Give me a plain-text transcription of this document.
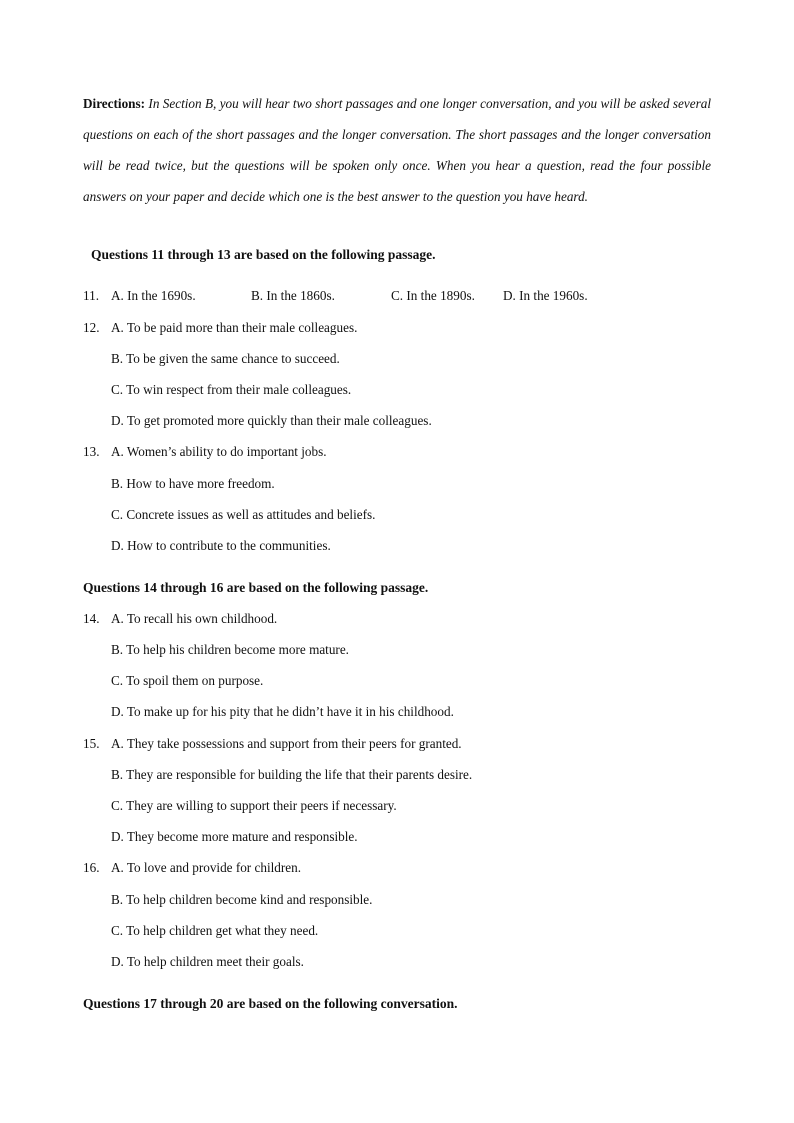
Directions: In Section B, you will hear two short passages and one longer conversation, and you will be asked several questions on each of the short passages and the longer conversation. The short passages and the longer conversation will be read twice, but the questions will be spoken only once. When you hear a question, read the four possible answers on your paper and decide which one is the best answer to the question you have heard.
Questions 11 through 13 are based on the following passage.
11. A. In the 1690s.	B. In the 1860s.	C. In the 1890s. D. In the 1960s.
12. A. To be paid more than their male colleagues.
B. To be given the same chance to succeed.
C. To win respect from their male colleagues.
D. To get promoted more quickly than their male colleagues.
13. A. Women’s ability to do important jobs.
B. How to have more freedom.
C. Concrete issues as well as attitudes and beliefs.
D. How to contribute to the communities.
Questions 14 through 16 are based on the following passage.
14. A. To recall his own childhood.
B. To help his children become more mature.
C. To spoil them on purpose.
D. To make up for his pity that he didn’t have it in his childhood.
15. A. They take possessions and support from their peers for granted.
B. They are responsible for building the life that their parents desire.
C. They are willing to support their peers if necessary.
D. They become more mature and responsible.
16. A. To love and provide for children.
B. To help children become kind and responsible.
C. To help children get what they need.
D. To help children meet their goals.
Questions 17 through 20 are based on the following conversation.
